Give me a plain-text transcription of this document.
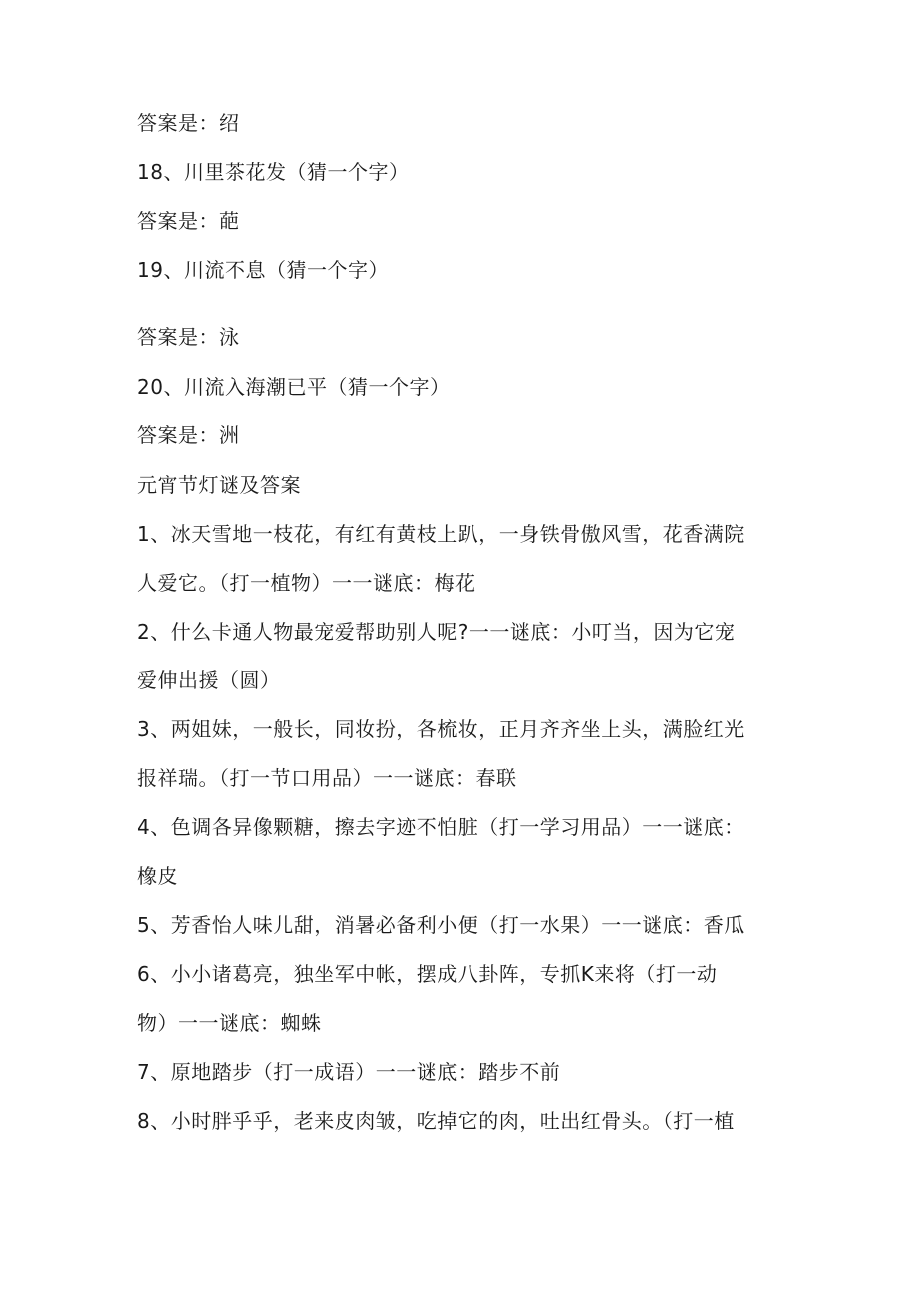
答案是：绍
18、川里茶花发（猜一个字）
答案是：葩
19、川流不息（猜一个字）
答案是：泳
20、川流入海潮已平（猜一个字）
答案是：洲
元宵节灯谜及答案
1、冰天雪地一枝花，有红有黄枝上趴，一身铁骨傲风雪，花香满院
人爱它。（打一植物）一一谜底：梅花
2、什么卡通人物最宠爱帮助别人呢?一一谜底：小叮当，因为它宠
爱伸出援（圆）
3、两姐妹，一般长，同妆扮，各梳妆，正月齐齐坐上头，满脸红光
报祥瑞。（打一节口用品）一一谜底：春联
4、色调各异像颗糖，擦去字迹不怕脏（打一学习用品）一一谜底：
橡皮
5、芳香怡人味儿甜，消暑必备利小便（打一水果）一一谜底：香瓜
6、小小诸葛亮，独坐军中帐，摆成八卦阵，专抓K来将（打一动
物）一一谜底：蜘蛛
7、原地踏步（打一成语）一一谜底：踏步不前
8、小时胖乎乎，老来皮肉皱，吃掉它的肉，吐出红骨头。（打一植
